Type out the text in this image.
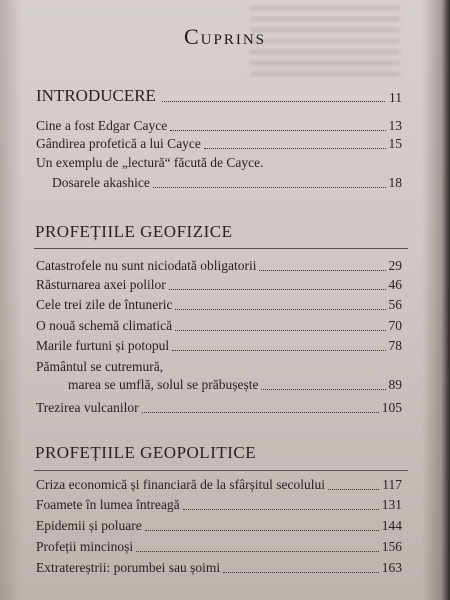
Cuprins
INTRODUCERE	11
Cine a fost Edgar Cayce	13
Gândirea profetică a lui Cayce	15
Un exemplu de „lectură“ făcută de Cayce.
Dosarele akashice	18
PROFEȚIILE GEOFIZICE
Catastrofele nu sunt niciodată obligatorii	29
Răsturnarea axei polilor	46
Cele trei zile de întuneric	56
O nouă schemă climatică	70
Marile furtuni și potopul	78
Pământul se cutremură,
marea se umflă, solul se prăbușește	89
Trezirea vulcanilor	105
PROFEȚIILE GEOPOLITICE
Criza economică și financiară de la sfârșitul secolului	117
Foamete în lumea întreagă	131
Epidemii și poluare	144
Profeții mincinoși	156
Extratereștrii: porumbei sau șoimi	163
